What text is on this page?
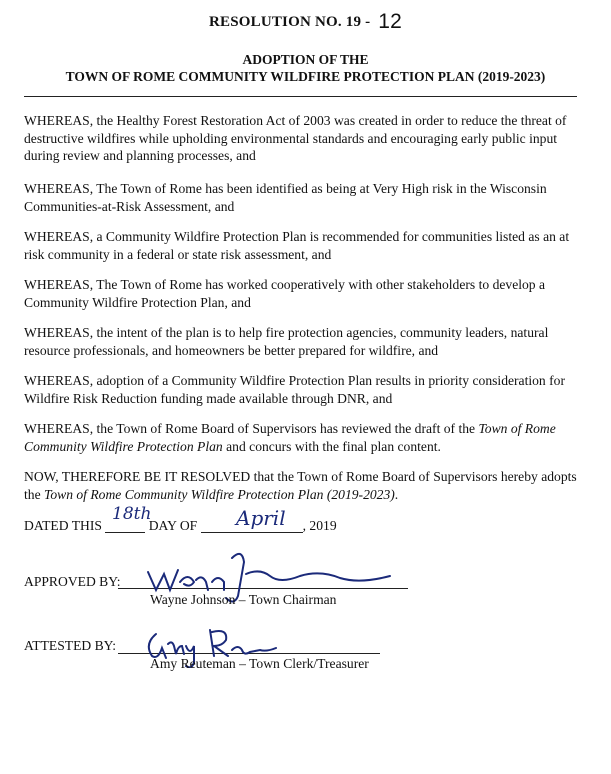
RESOLUTION NO. 19 - 12
ADOPTION OF THE
TOWN OF ROME COMMUNITY WILDFIRE PROTECTION PLAN (2019-2023)
WHEREAS, the Healthy Forest Restoration Act of 2003 was created in order to reduce the threat of destructive wildfires while upholding environmental standards and encouraging early public input during review and planning processes, and
WHEREAS, The Town of Rome has been identified as being at Very High risk in the Wisconsin Communities-at-Risk Assessment, and
WHEREAS, a Community Wildfire Protection Plan is recommended for communities listed as an at risk community in a federal or state risk assessment, and
WHEREAS, The Town of Rome has worked cooperatively with other stakeholders to develop a Community Wildfire Protection Plan, and
WHEREAS, the intent of the plan is to help fire protection agencies, community leaders, natural resource professionals, and homeowners be better prepared for wildfire, and
WHEREAS, adoption of a Community Wildfire Protection Plan results in priority consideration for Wildfire Risk Reduction funding made available through DNR, and
WHEREAS, the Town of Rome Board of Supervisors has reviewed the draft of the Town of Rome Community Wildfire Protection Plan and concurs with the final plan content.
NOW, THEREFORE BE IT RESOLVED that the Town of Rome Board of Supervisors hereby adopts the Town of Rome Community Wildfire Protection Plan (2019-2023).
DATED THIS	DAY OF	, 2019
18th	April
APPROVED BY:
Wayne Johnson – Town Chairman
ATTESTED BY:
Amy Reuteman – Town Clerk/Treasurer
